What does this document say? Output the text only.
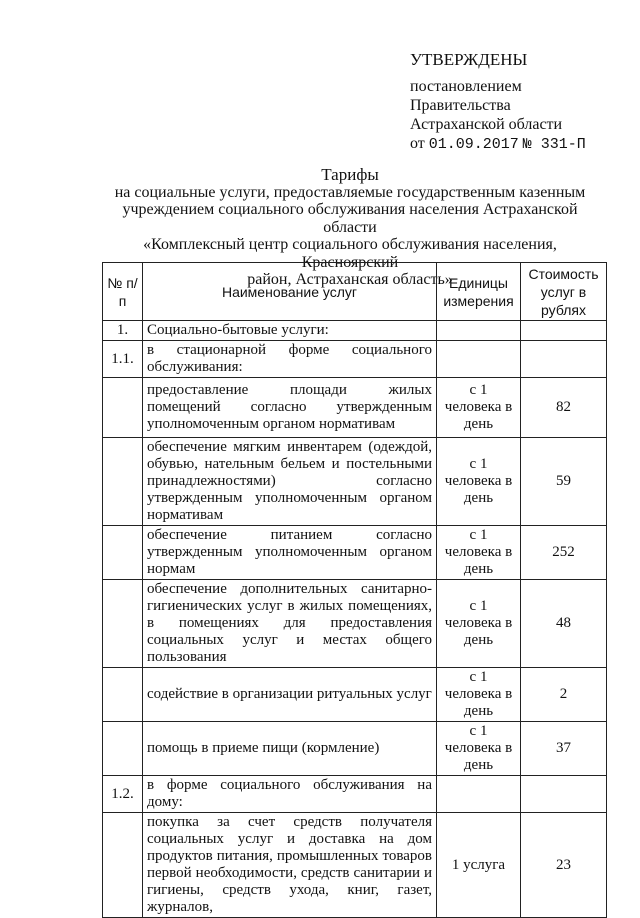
УТВЕРЖДЕНЫ
постановлением
Правительства
Астраханской области
от 01.09.2017 № 331-П
Тарифы
на социальные услуги, предоставляемые государственным казенным
учреждением социального обслуживания населения Астраханской области
«Комплексный центр социального обслуживания населения, Красноярский
район, Астраханская область»
№ п/п	Наименование услуг	Единицы измерения	Стоимость услуг в рублях
1.	Социально-бытовые услуги:		
1.1.	в стационарной форме социального обслуживания:		
	предоставление площади жилых помещений согласно утвержденным уполномоченным органом нормативам	с 1 человека в день	82
	обеспечение мягким инвентарем (одеждой, обувью, нательным бельем и постельными принадлежностями) согласно утвержденным уполномоченным органом нормативам	с 1 человека в день	59
	обеспечение питанием согласно утвержденным уполномоченным органом нормам	с 1 человека в день	252
	обеспечение дополнительных санитарно-гигиенических услуг в жилых помещениях, в помещениях для предоставления социальных услуг и местах общего пользования	с 1 человека в день	48
	содействие в организации ритуальных услуг	с 1 человека в день	2
	помощь в приеме пищи (кормление)	с 1 человека в день	37
1.2.	в форме социального обслуживания на дому:		
	покупка за счет средств получателя социальных услуг и доставка на дом продуктов питания, промышленных товаров первой необходимости, средств санитарии и гигиены, средств ухода, книг, газет, журналов,	1 услуга	23
